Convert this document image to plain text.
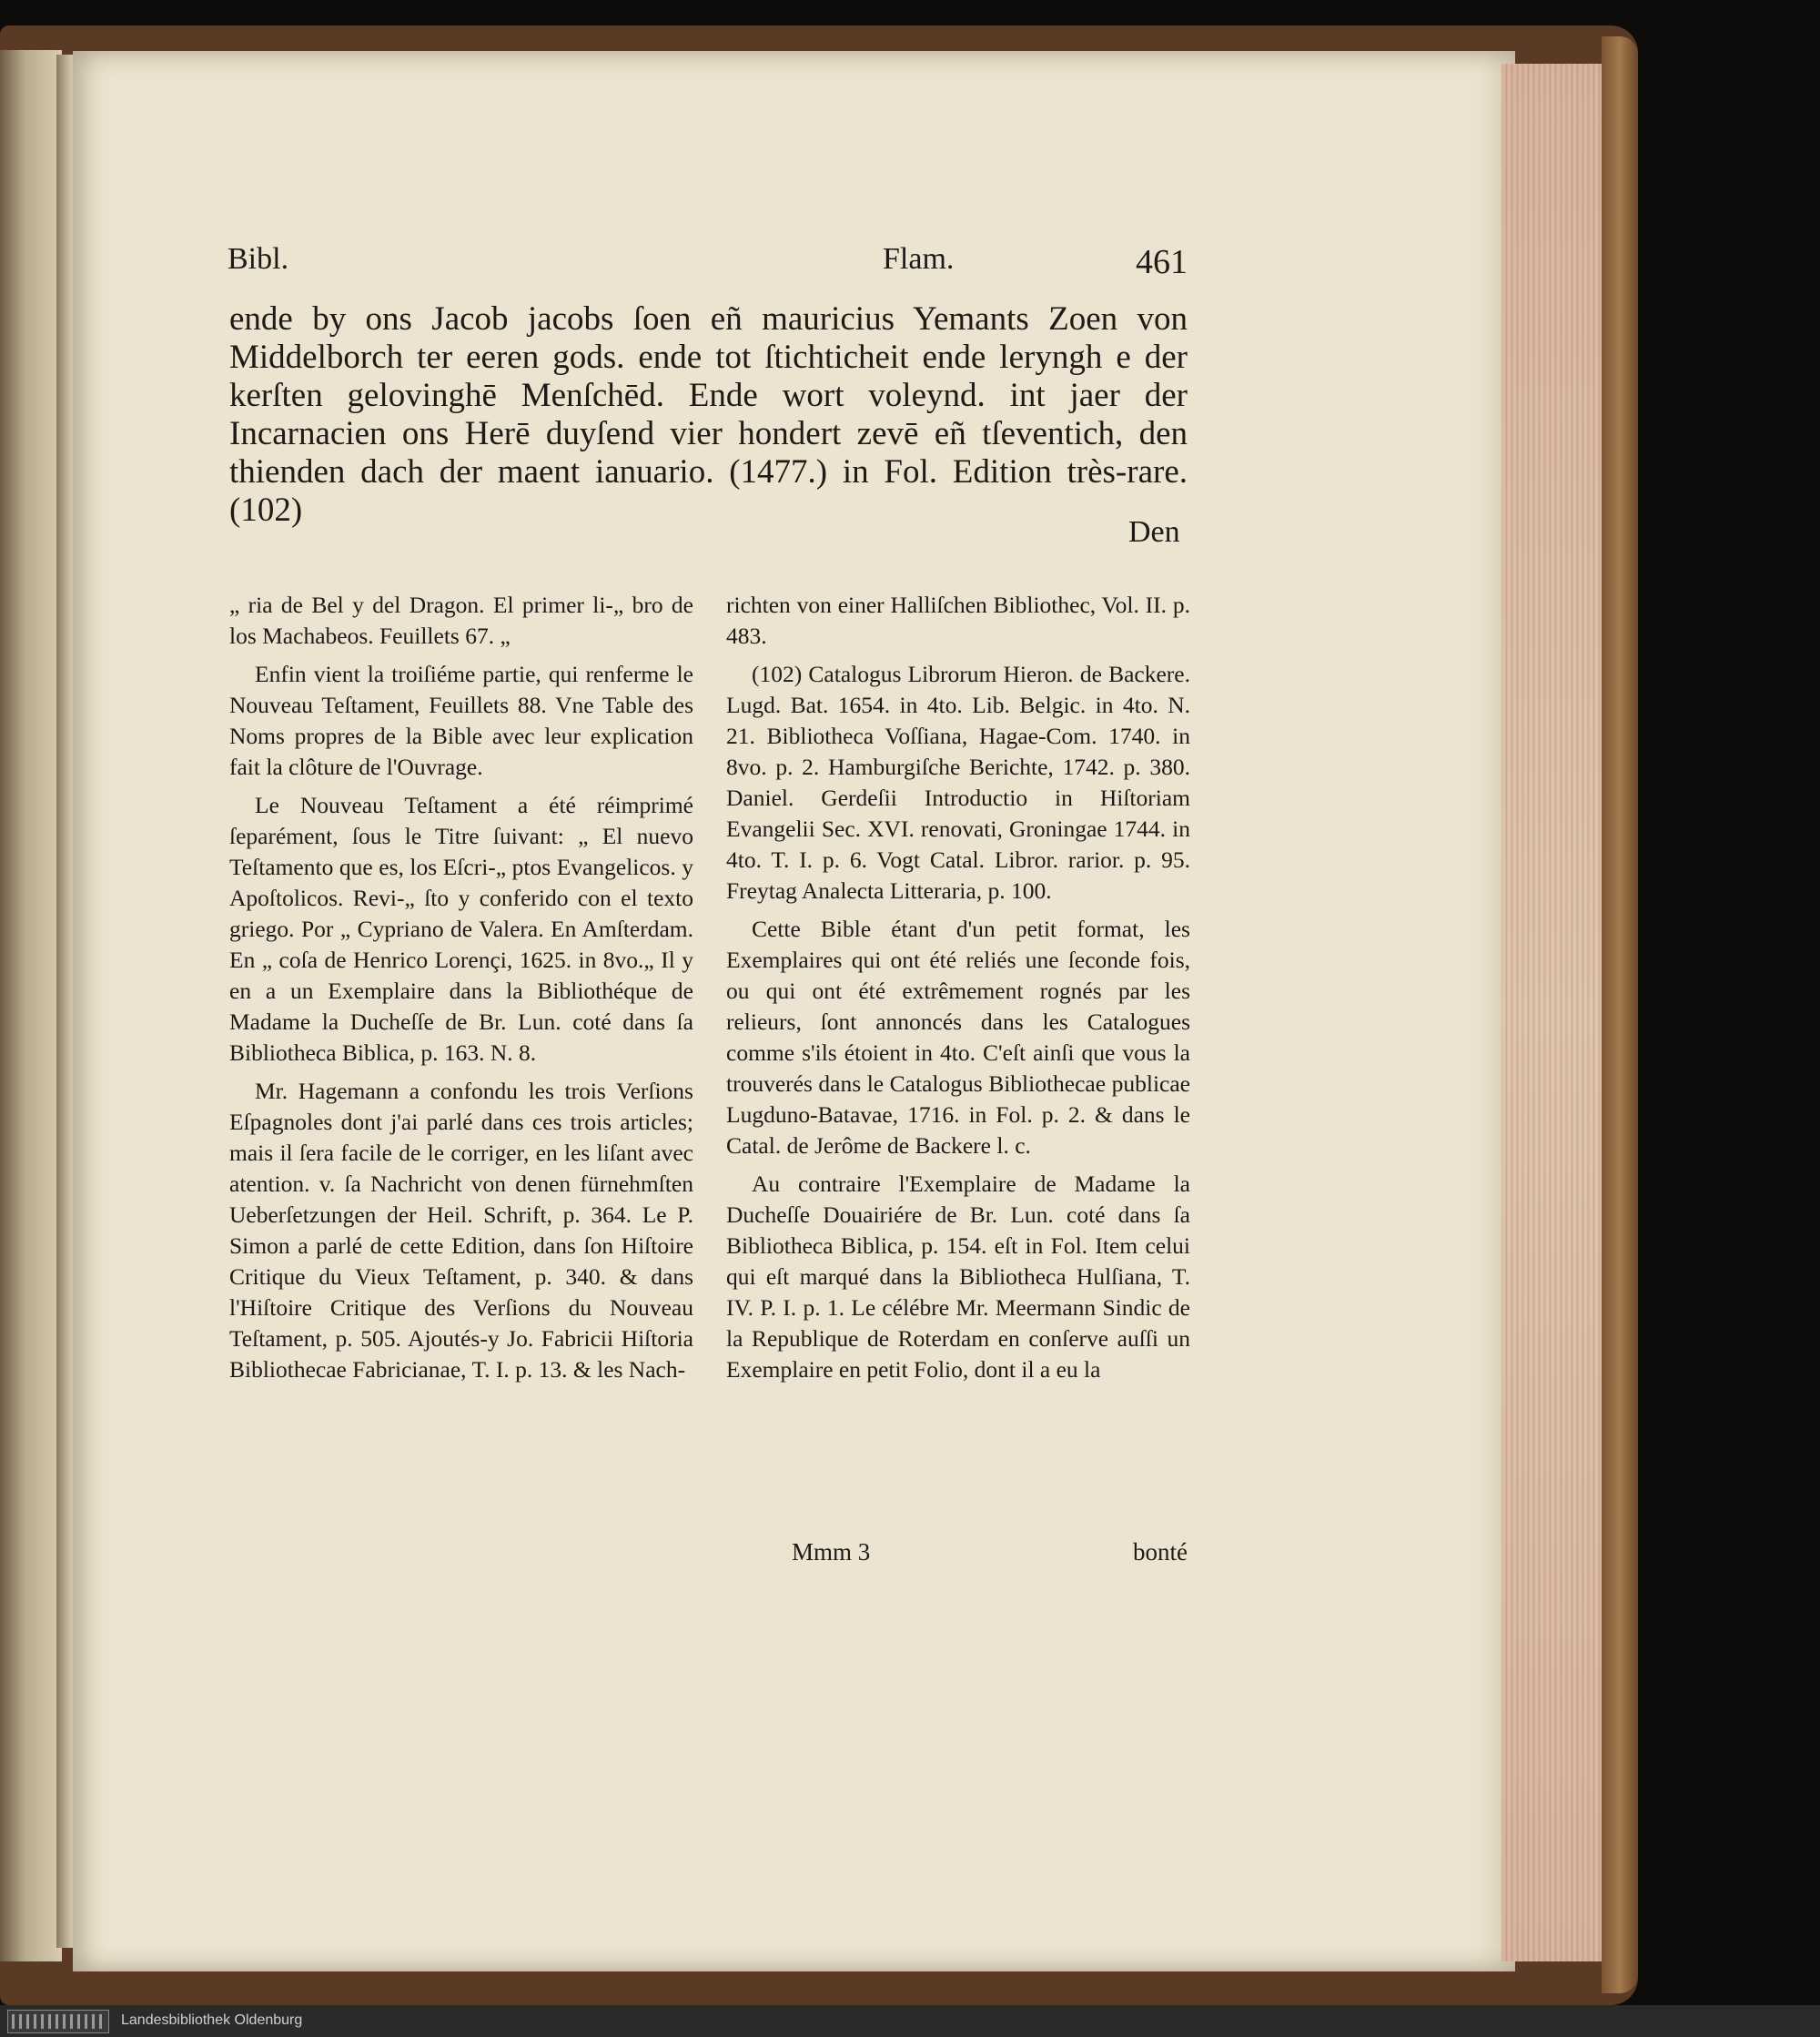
Bibl.	Flam.	461

ende by ons Jacob jacobs ſoen eñ mauricius Yemants Zoen von Middelborch ter eeren gods. ende tot ſtichticheit ende leryngh e der kerſten gelovinghē Menſchēd. Ende wort voleynd. int jaer der Incarnacien ons Herē duyſend vier hondert zevē eñ tſeventich, den thienden dach der maent ianuario. (1477.) in Fol. Edition très-rare. (102)

Den

„ ria de Bel y del Dragon. El primer li-„ bro de los Machabeos. Feuillets 67. „

Enfin vient la troiſiéme partie, qui renferme le Nouveau Teſtament, Feuillets 88. Vne Table des Noms propres de la Bible avec leur explication fait la clôture de l'Ouvrage.

Le Nouveau Teſtament a été réimprimé ſeparément, ſous le Titre ſuivant: „ El nuevo Teſtamento que es, los Eſcri-„ ptos Evangelicos. y Apoſtolicos. Revi-„ ſto y conferido con el texto griego. Por „ Cypriano de Valera. En Amſterdam. En „ coſa de Henrico Lorençi, 1625. in 8vo.„ Il y en a un Exemplaire dans la Bibliothéque de Madame la Ducheſſe de Br. Lun. coté dans ſa Bibliotheca Biblica, p. 163. N. 8.

Mr. Hagemann a confondu les trois Verſions Eſpagnoles dont j'ai parlé dans ces trois articles; mais il ſera facile de le corriger, en les liſant avec atention. v. ſa Nachricht von denen fürnehmſten Ueberſetzungen der Heil. Schrift, p. 364. Le P. Simon a parlé de cette Edition, dans ſon Hiſtoire Critique du Vieux Teſtament, p. 340. & dans l'Hiſtoire Critique des Verſions du Nouveau Teſtament, p. 505. Ajoutés-y Jo. Fabricii Hiſtoria Bibliothecae Fabricianae, T. I. p. 13. & les Nach-

richten von einer Halliſchen Bibliothec, Vol. II. p. 483.

(102) Catalogus Librorum Hieron. de Backere. Lugd. Bat. 1654. in 4to. Lib. Belgic. in 4to. N. 21. Bibliotheca Voſſiana, Hagae-Com. 1740. in 8vo. p. 2. Hamburgiſche Berichte, 1742. p. 380. Daniel. Gerdeſii Introductio in Hiſtoriam Evangelii Sec. XVI. renovati, Groningae 1744. in 4to. T. I. p. 6. Vogt Catal. Libror. rarior. p. 95. Freytag Analecta Litteraria, p. 100.

Cette Bible étant d'un petit format, les Exemplaires qui ont été reliés une ſeconde fois, ou qui ont été extrêmement rognés par les relieurs, ſont annoncés dans les Catalogues comme s'ils étoient in 4to. C'eſt ainſi que vous la trouverés dans le Catalogus Bibliothecae publicae Lugduno-Batavae, 1716. in Fol. p. 2. & dans le Catal. de Jerôme de Backere l. c.

Au contraire l'Exemplaire de Madame la Ducheſſe Douairiére de Br. Lun. coté dans ſa Bibliotheca Biblica, p. 154. eſt in Fol. Item celui qui eſt marqué dans la Bibliotheca Hulſiana, T. IV. P. I. p. 1. Le célébre Mr. Meermann Sindic de la Republique de Roterdam en conſerve auſſi un Exemplaire en petit Folio, dont il a eu la

Mmm 3	bonté
Landesbibliothek Oldenburg
